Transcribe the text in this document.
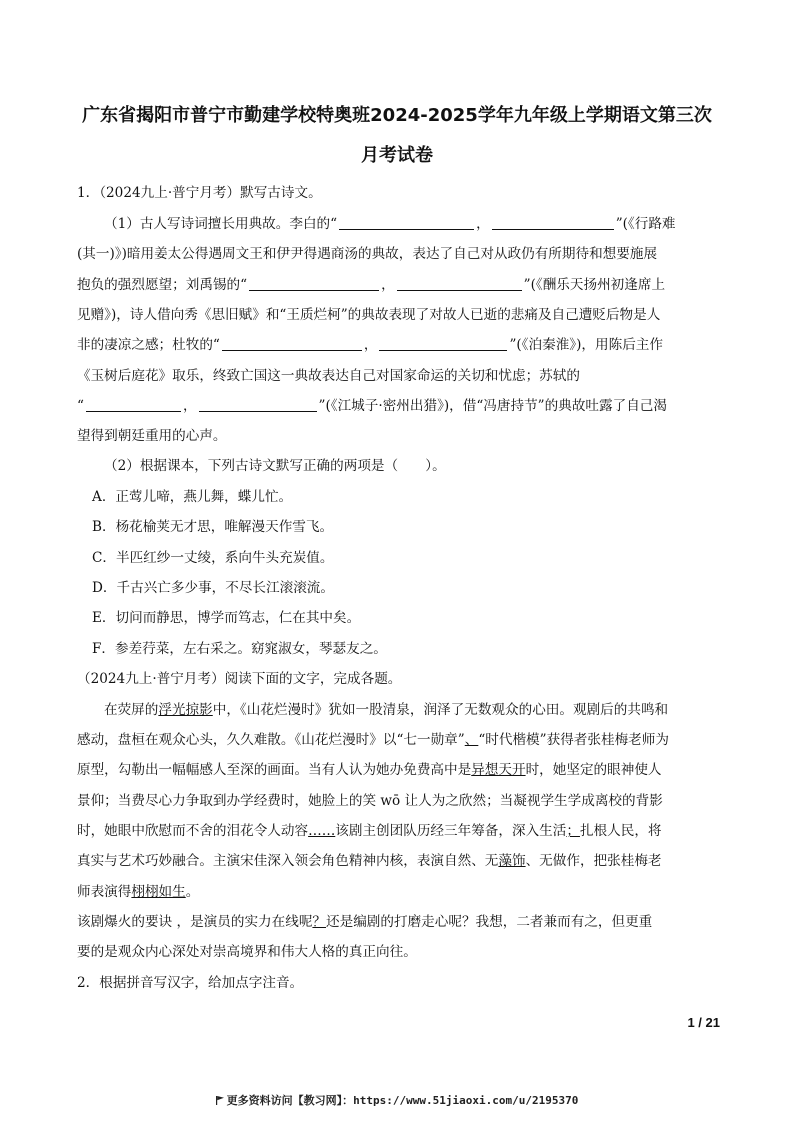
广东省揭阳市普宁市勤建学校特奥班2024-2025学年九年级上学期语文第三次
月考试卷
1．（2024九上·普宁月考）默写古诗文。
（1）古人写诗词擅长用典故。李白的“	，	”(《行路难
(其一)》)暗用姜太公得遇周文王和伊尹得遇商汤的典故，表达了自己对从政仍有所期待和想要施展
抱负的强烈愿望；刘禹锡的“	，	”(《酬乐天扬州初逢席上
见赠》)，诗人借向秀《思旧赋》和“王质烂柯”的典故表现了对故人已逝的悲痛及自己遭贬后物是人
非的凄凉之感；杜牧的“	，	”(《泊秦淮》)，用陈后主作
《玉树后庭花》取乐，终致亡国这一典故表达自己对国家命运的关切和忧虑；苏轼的
“	，	”(《江城子·密州出猎》)，借“冯唐持节”的典故吐露了自己渴
望得到朝廷重用的心声。
（2）根据课本，下列古诗文默写正确的两项是（　　）。
A．正莺儿啼，燕儿舞，蝶儿忙。
B．杨花榆荚无才思，唯解漫天作雪飞。
C．半匹红纱一丈绫，系向牛头充炭值。
D．千古兴亡多少事，不尽长江滚滚流。
E．切问而静思，博学而笃志，仁在其中矣。
F．参差荇菜，左右采之。窈窕淑女，琴瑟友之。
（2024九上·普宁月考）阅读下面的文字，完成各题。
在荧屏的浮光掠影中，《山花烂漫时》犹如一股清泉，润泽了无数观众的心田。观剧后的共鸣和
感动，盘桓在观众心头，久久难散。《山花烂漫时》以“七一勋章”、“时代楷模”获得者张桂梅老师为
原型，勾勒出一幅幅感人至深的画面。当有人认为她办免费高中是异想天开时，她坚定的眼神使人
景仰；当费尽心力争取到办学经费时，她脸上的笑 wō 让人为之欣然；当凝视学生学成离校的背影
时，她眼中欣慰而不舍的泪花令人动容……该剧主创团队历经三年筹备，深入生活；扎根人民，将
真实与艺术巧妙融合。主演宋佳深入领会角色精神内核，表演自然、无藻饰、无做作，把张桂梅老
师表演得栩栩如生。
该剧爆火的要诀 ，是演员的实力在线呢？还是编剧的打磨走心呢？我想，二者兼而有之，但更重
要的是观众内心深处对崇高境界和伟大人格的真正向往。
2．根据拼音写汉字，给加点字注音。
1 / 21
更多资料访问【教习网】：https://www.51jiaoxi.com/u/2195370
